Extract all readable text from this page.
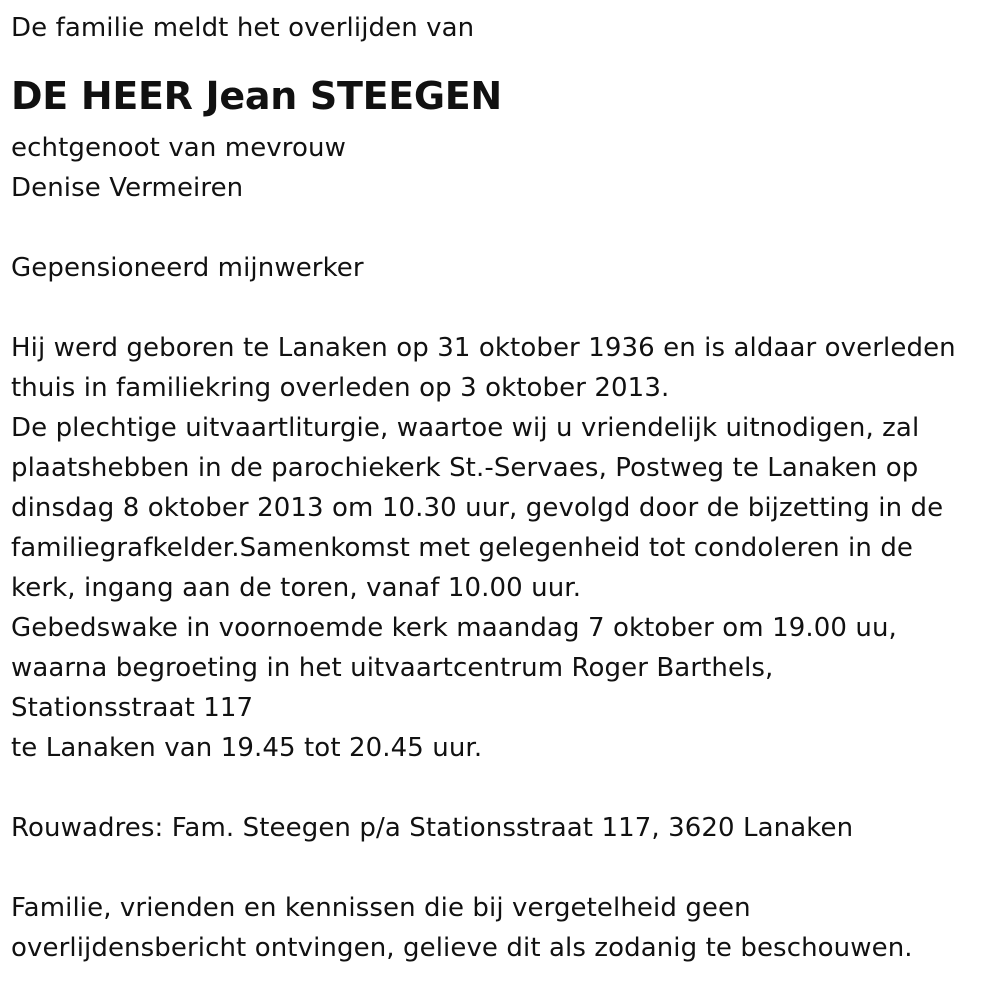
De familie meldt het overlijden van
DE HEER Jean STEEGEN
echtgenoot van mevrouw
Denise Vermeiren
Gepensioneerd mijnwerker
Hij werd geboren te Lanaken op 31 oktober 1936 en is aldaar overleden
thuis in familiekring overleden op 3 oktober 2013.
De plechtige uitvaartliturgie, waartoe wij u vriendelijk uitnodigen, zal
plaatshebben in de parochiekerk St.-Servaes, Postweg te Lanaken op
dinsdag 8 oktober 2013 om 10.30 uur, gevolgd door de bijzetting in de
familiegrafkelder.Samenkomst met gelegenheid tot condoleren in de
kerk, ingang aan de toren, vanaf 10.00 uur.
Gebedswake in voornoemde kerk maandag 7 oktober om 19.00 uu,
waarna begroeting in het uitvaartcentrum Roger Barthels,
Stationsstraat 117
te Lanaken van 19.45 tot 20.45 uur.
Rouwadres: Fam. Steegen p/a Stationsstraat 117, 3620 Lanaken
Familie, vrienden en kennissen die bij vergetelheid geen
overlijdensbericht ontvingen, gelieve dit als zodanig te beschouwen.
